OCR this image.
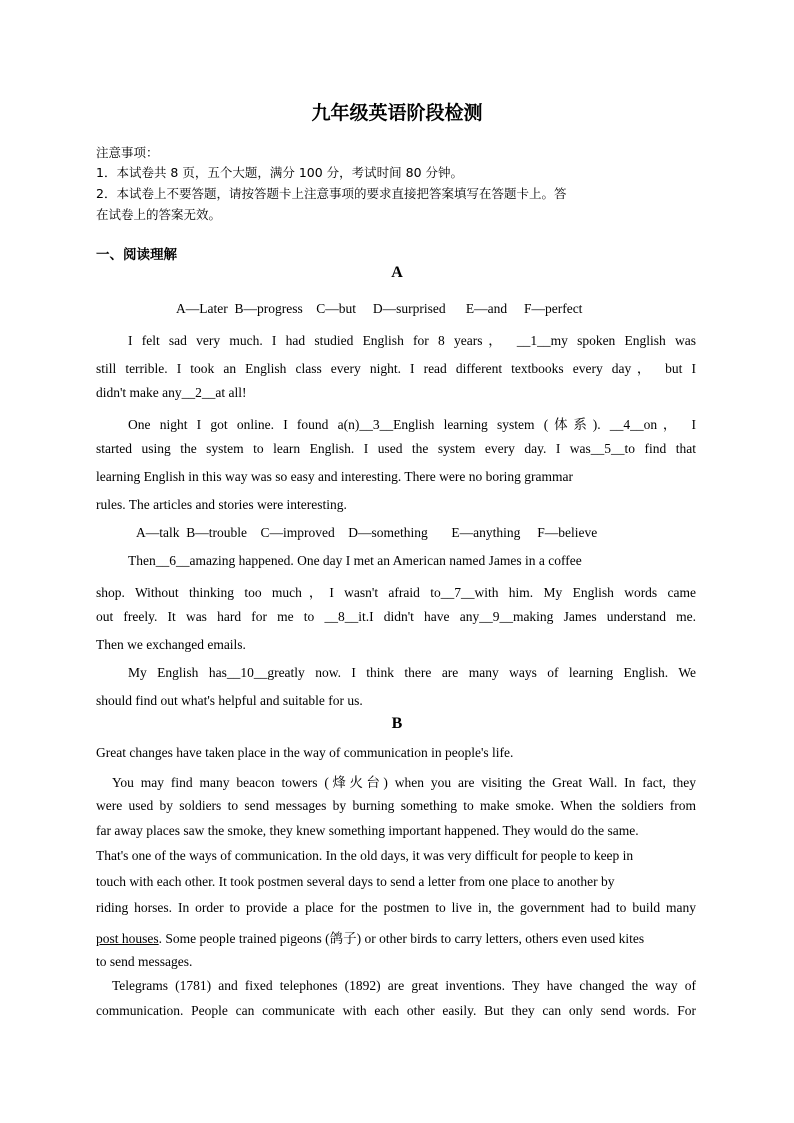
九年级英语阶段检测
注意事项：
1．本试卷共 8 页，五个大题，满分 100 分，考试时间 80 分钟。
2．本试卷上不要答题，请按答题卡上注意事项的要求直接把答案填写在答题卡上。答
在试卷上的答案无效。
一、阅读理解
A
A—Later  B—progress    C—but     D—surprised      E—and     F—perfect
I felt sad very much. I had studied English for 8 years， __1__my spoken English was
still terrible. I took an English class every night. I read different textbooks every day， but I
didn't make any__2__at all!
One night I got online. I found a(n)__3__English learning system (体系). __4__on， I
started using the system to learn English. I used the system every day. I was__5__to find that
learning English in this way was so easy and interesting. There were no boring grammar
rules. The articles and stories were interesting.
A—talk  B—trouble    C—improved    D—something       E—anything     F—believe
Then__6__amazing happened. One day I met an American named James in a coffee
shop. Without thinking too much，I wasn't afraid to__7__with him. My English words came
out freely. It was hard for me to __8__it.I didn't have any__9__making James understand me.
Then we exchanged emails.
My English has__10__greatly now. I think there are many ways of learning English. We
should find out what's helpful and suitable for us.
B
Great changes have taken place in the way of communication in people's life.
You may find many beacon towers (烽火台) when you are visiting the Great Wall. In fact, they
were used by soldiers to send messages by burning something to make smoke. When the soldiers from
far away places saw the smoke, they knew something important happened. They would do the same.
That's one of the ways of communication. In the old days, it was very difficult for people to keep in
touch with each other. It took postmen several days to send a letter from one place to another by
riding horses. In order to provide a place for the postmen to live in, the government had to build many
post houses. Some people trained pigeons (鸽子) or other birds to carry letters, others even used kites
to send messages.
Telegrams (1781) and fixed telephones (1892) are great inventions. They have changed the way of
communication. People can communicate with each other easily. But they can only send words. For
